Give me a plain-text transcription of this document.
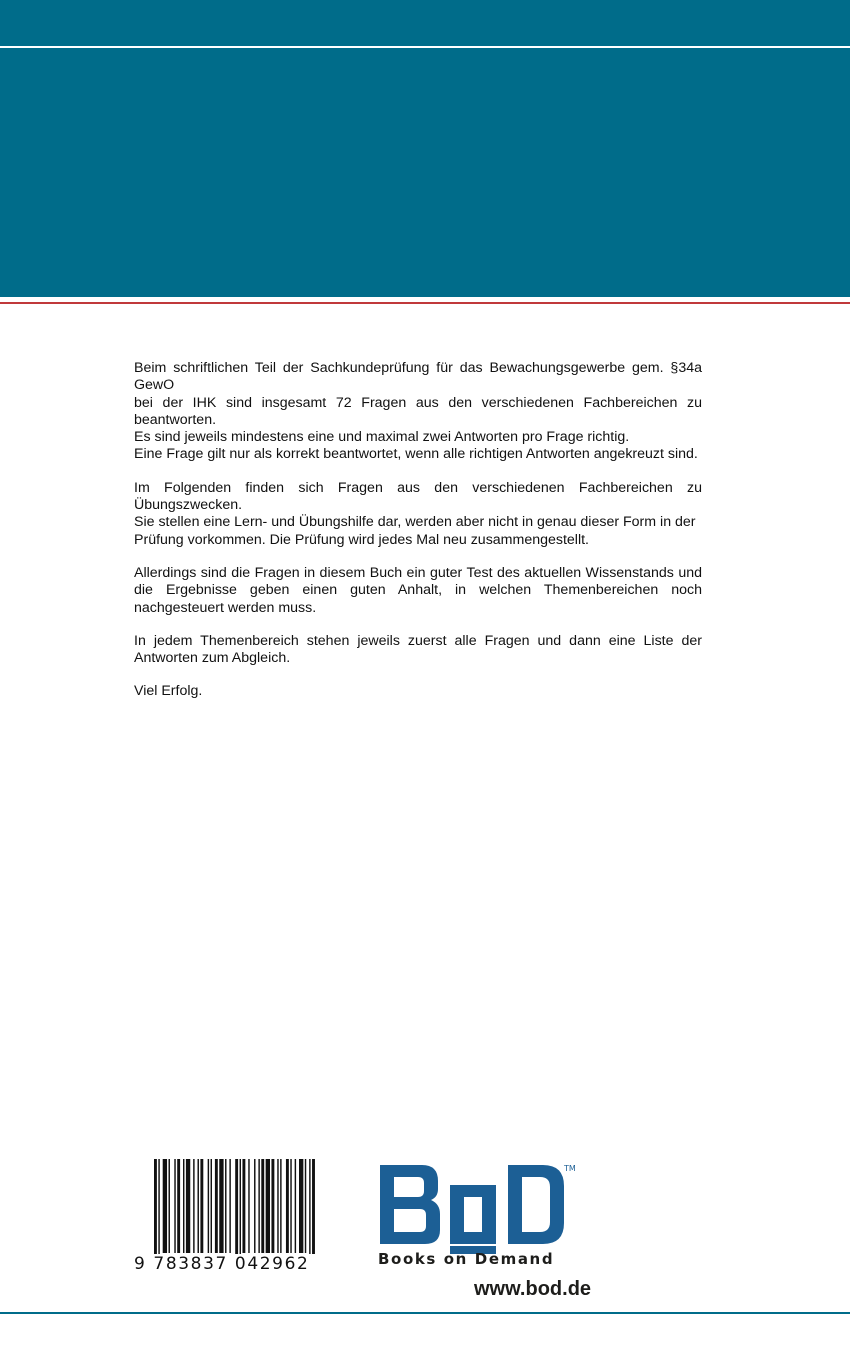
Beim schriftlichen Teil der Sachkundeprüfung für das Bewachungsgewerbe gem. §34a GewO
bei der IHK sind insgesamt 72 Fragen aus den verschiedenen Fachbereichen zu beantworten.
Es sind jeweils mindestens eine und maximal zwei Antworten pro Frage richtig.
Eine Frage gilt nur als korrekt beantwortet, wenn alle richtigen Antworten angekreuzt sind.

Im Folgenden finden sich Fragen aus den verschiedenen Fachbereichen zu Übungszwecken.
Sie stellen eine Lern- und Übungshilfe dar, werden aber nicht in genau dieser Form in der
Prüfung vorkommen. Die Prüfung wird jedes Mal neu zusammengestellt.

Allerdings sind die Fragen in diesem Buch ein guter Test des aktuellen Wissenstands und die Ergebnisse geben einen guten Anhalt, in welchen Themenbereichen noch nachgesteuert werden muss.

In jedem Themenbereich stehen jeweils zuerst alle Fragen und dann eine Liste der Antworten zum Abgleich.

Viel Erfolg.

9 783837 042962
TM
Books on Demand
www.bod.de
